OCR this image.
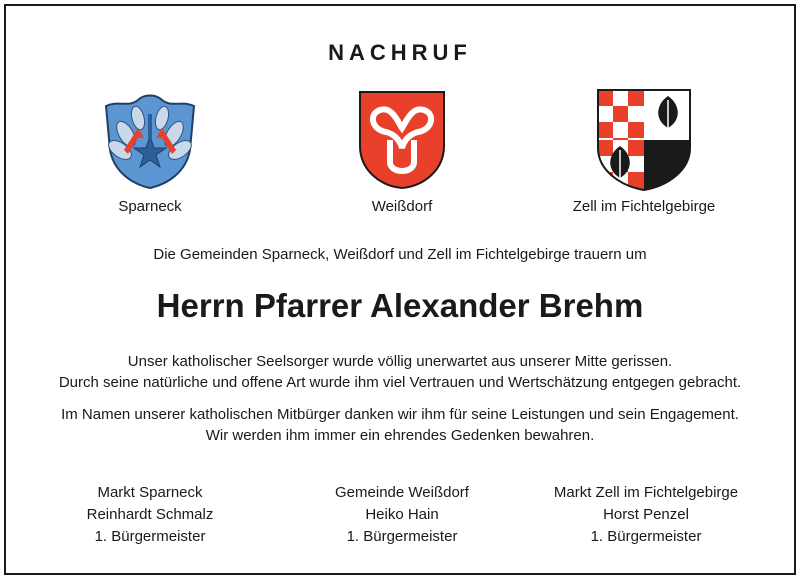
NACHRUF
Sparneck	Weißdorf	Zell im Fichtelgebirge
Die Gemeinden Sparneck, Weißdorf und Zell im Fichtelgebirge trauern um
Herrn Pfarrer Alexander Brehm
Unser katholischer Seelsorger wurde völlig unerwartet aus unserer Mitte gerissen.
Durch seine natürliche und offene Art wurde ihm viel Vertrauen und Wertschätzung entgegen gebracht.
Im Namen unserer katholischen Mitbürger danken wir ihm für seine Leistungen und sein Engagement.
Wir werden ihm immer ein ehrendes Gedenken bewahren.
Markt Sparneck
Reinhardt Schmalz
1. Bürgermeister
Gemeinde Weißdorf
Heiko Hain
1. Bürgermeister
Markt Zell im Fichtelgebirge
Horst Penzel
1. Bürgermeister
